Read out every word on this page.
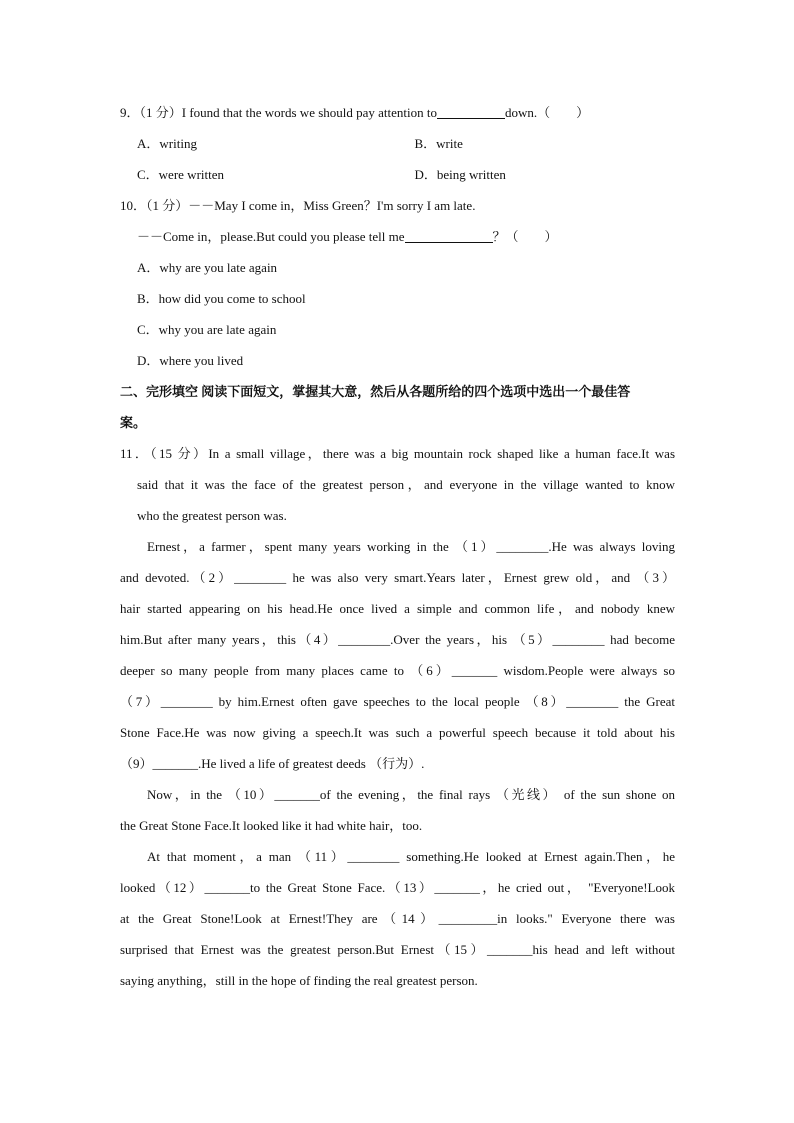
9．（1 分）I found that the words we should pay attention to	down.（　　）
A．writing	B．write
C．were written	D．being written
10．（1 分）－－May I come in，Miss Green？I'm sorry I am late.
－－Come in，please.But could you please tell me	？（　　）
A．why are you late again
B．how did you come to school
C．why you are late again
D．where you lived
二、完形填空 阅读下面短文，掌握其大意，然后从各题所给的四个选项中选出一个最佳答
案。
11．（15 分）In a small village，there was a big mountain rock shaped like a human face.It was
said that it was the face of the greatest person，and everyone in the village wanted to know
who the greatest person was.
Ernest，a farmer，spent many years working in the （1）________.He was always loving
and devoted.（2）________ he was also very smart.Years later，Ernest grew old，and （3）
hair started appearing on his head.He once lived a simple and common life，and nobody knew
him.But after many years，this（4）________.Over the years，his （5）________ had become
deeper so many people from many places came to （6）_______ wisdom.People were always so
（7）________ by him.Ernest often gave speeches to the local people （8）________ the Great
Stone Face.He was now giving a speech.It was such a powerful speech because it told about his
（9）_______.He lived a life of greatest deeds （行为）.
Now，in the （10）_______of the evening，the final rays （光线） of the sun shone on
the Great Stone Face.It looked like it had white hair，too.
At that moment，a man （11）________ something.He looked at Ernest again.Then，he
looked（12）_______to the Great Stone Face.（13）_______，he cried out， "Everyone!Look
at the Great Stone!Look at Ernest!They are（14）_________in looks." Everyone there was
surprised that Ernest was the greatest person.But Ernest（15）_______his head and left without
saying anything，still in the hope of finding the real greatest person.
